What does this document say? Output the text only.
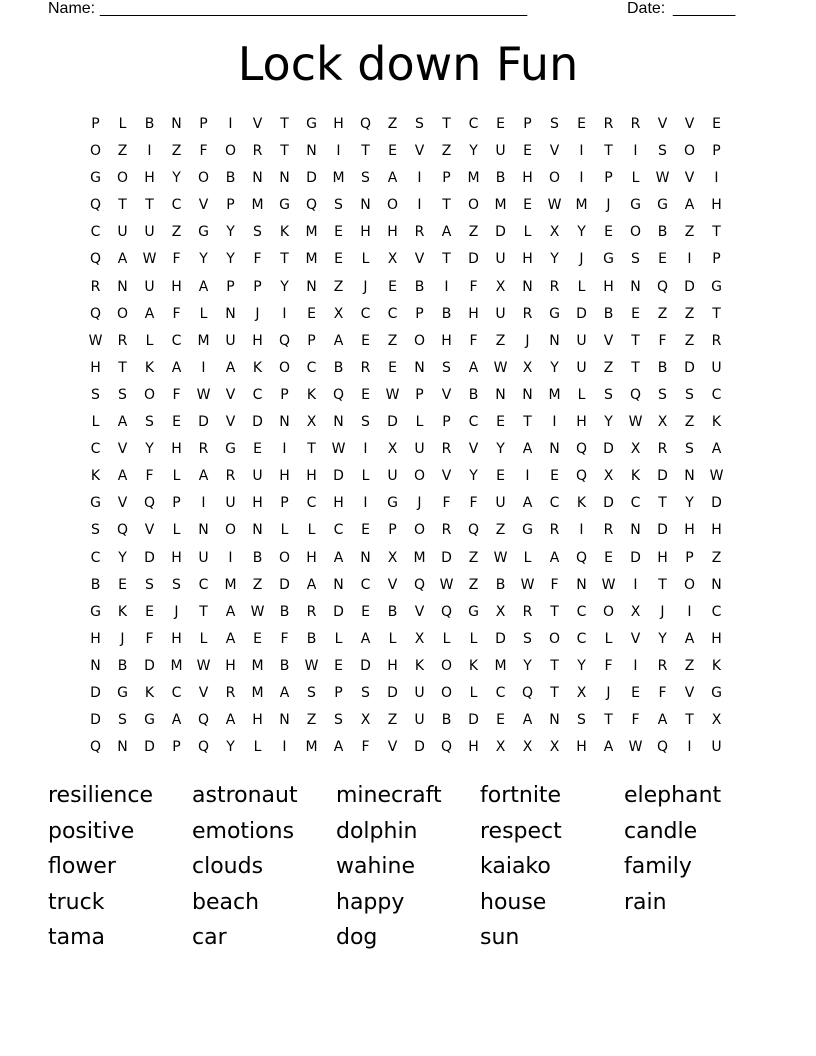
Name: ________________________________________________	Date: _______
Lock down Fun
P	L	B	N	P	I	V	T	G	H	Q	Z	S	T	C	E	P	S	E	R	R	V	V	E
O	Z	I	Z	F	O	R	T	N	I	T	E	V	Z	Y	U	E	V	I	T	I	S	O	P
G	O	H	Y	O	B	N	N	D	M	S	A	I	P	M	B	H	O	I	P	L	W	V	I
Q	T	T	C	V	P	M	G	Q	S	N	O	I	T	O	M	E	W	M	J	G	G	A	H
C	U	U	Z	G	Y	S	K	M	E	H	H	R	A	Z	D	L	X	Y	E	O	B	Z	T
Q	A	W	F	Y	Y	F	T	M	E	L	X	V	T	D	U	H	Y	J	G	S	E	I	P
R	N	U	H	A	P	P	Y	N	Z	J	E	B	I	F	X	N	R	L	H	N	Q	D	G
Q	O	A	F	L	N	J	I	E	X	C	C	P	B	H	U	R	G	D	B	E	Z	Z	T
W	R	L	C	M	U	H	Q	P	A	E	Z	O	H	F	Z	J	N	U	V	T	F	Z	R
H	T	K	A	I	A	K	O	C	B	R	E	N	S	A	W	X	Y	U	Z	T	B	D	U
S	S	O	F	W	V	C	P	K	Q	E	W	P	V	B	N	N	M	L	S	Q	S	S	C
L	A	S	E	D	V	D	N	X	N	S	D	L	P	C	E	T	I	H	Y	W	X	Z	K
C	V	Y	H	R	G	E	I	T	W	I	X	U	R	V	Y	A	N	Q	D	X	R	S	A
K	A	F	L	A	R	U	H	H	D	L	U	O	V	Y	E	I	E	Q	X	K	D	N	W
G	V	Q	P	I	U	H	P	C	H	I	G	J	F	F	U	A	C	K	D	C	T	Y	D
S	Q	V	L	N	O	N	L	L	C	E	P	O	R	Q	Z	G	R	I	R	N	D	H	H
C	Y	D	H	U	I	B	O	H	A	N	X	M	D	Z	W	L	A	Q	E	D	H	P	Z
B	E	S	S	C	M	Z	D	A	N	C	V	Q	W	Z	B	W	F	N	W	I	T	O	N
G	K	E	J	T	A	W	B	R	D	E	B	V	Q	G	X	R	T	C	O	X	J	I	C
H	J	F	H	L	A	E	F	B	L	A	L	X	L	L	D	S	O	C	L	V	Y	A	H
N	B	D	M	W	H	M	B	W	E	D	H	K	O	K	M	Y	T	Y	F	I	R	Z	K
D	G	K	C	V	R	M	A	S	P	S	D	U	O	L	C	Q	T	X	J	E	F	V	G
D	S	G	A	Q	A	H	N	Z	S	X	Z	U	B	D	E	A	N	S	T	F	A	T	X
Q	N	D	P	Q	Y	L	I	M	A	F	V	D	Q	H	X	X	X	H	A	W	Q	I	U
resilience	astronaut	minecraft	fortnite	elephant
positive	emotions	dolphin	respect	candle
flower	clouds	wahine	kaiako	family
truck	beach	happy	house	rain
tama	car	dog	sun
